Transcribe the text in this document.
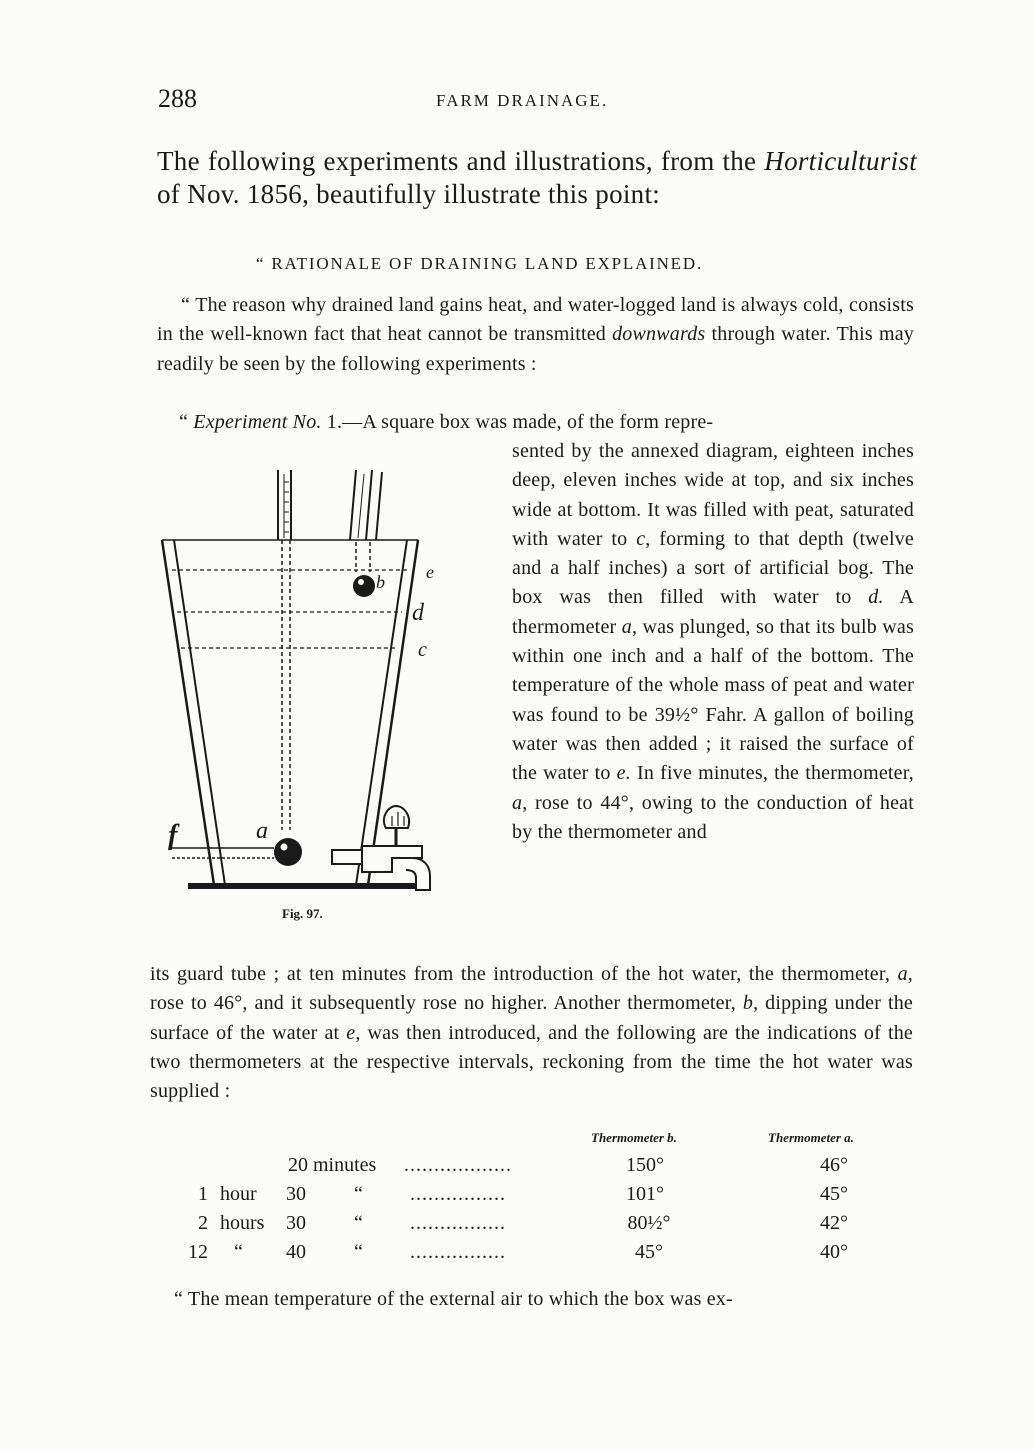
288	FARM DRAINAGE.

The following experiments and illustrations, from the Horticulturist of Nov. 1856, beautifully illustrate this point:

“ RATIONALE OF DRAINING LAND EXPLAINED.

“ The reason why drained land gains heat, and water-logged land is always cold, consists in the well-known fact that heat cannot be transmitted downwards through water. This may readily be seen by the following experiments :

“ Experiment No. 1.—A square box was made, of the form repre-

sented by the annexed diagram, eighteen inches deep, eleven inches wide at top, and six inches wide at bottom. It was filled with peat, saturated with water to c, forming to that depth (twelve and a half inches) a sort of artificial bog. The box was then filled with water to d. A thermometer a, was plunged, so that its bulb was within one inch and a half of the bottom. The temperature of the whole mass of peat and water was found to be 39½° Fahr. A gallon of boiling water was then added ; it raised the surface of the water to e. In five minutes, the thermometer, a, rose to 44°, owing to the conduction of heat by the thermometer and

a
b
c
d
e
f
Fig. 97.

its guard tube ; at ten minutes from the introduction of the hot water, the thermometer, a, rose to 46°, and it subsequently rose no higher. Another thermometer, b, dipping under the surface of the water at e, was then introduced, and the following are the indications of the two thermometers at the respective intervals, reckoning from the time the hot water was supplied :

Thermometer b.	Thermometer a.
20 minutes ..................	150°	46°
1 hour 30 “ ................	101°	45°
2 hours 30 “ ................	80½°	42°
12 “ 40 “ ................	45°	40°
“ The mean temperature of the external air to which the box was ex-
